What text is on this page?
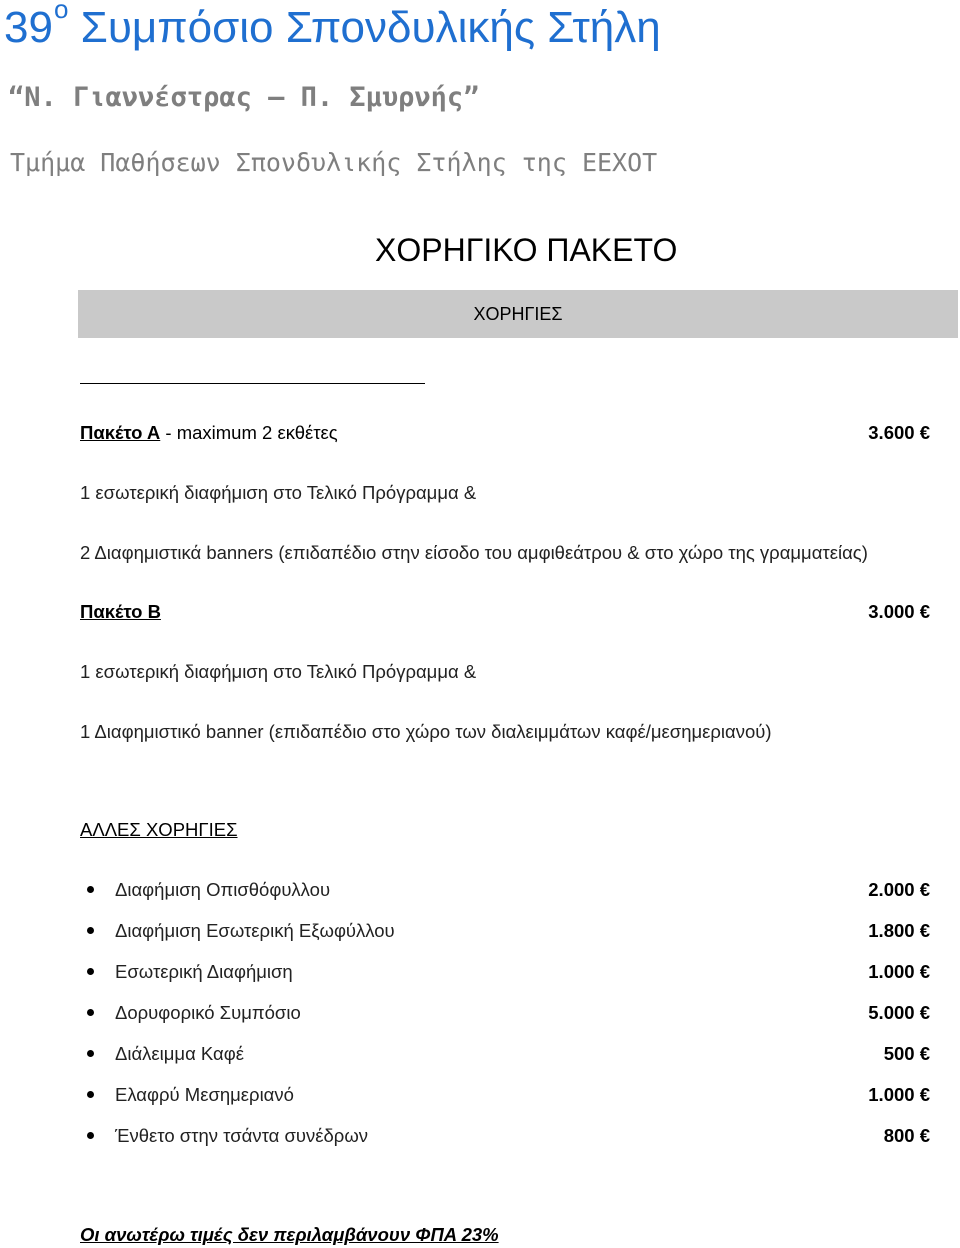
$39^o$ Συμπόσιο Σπονδυλικής Στήλη
“Ν. Γιαννέστρας – Π. Σμυρνής”
Τμήμα Παθήσεων Σπονδυλικής Στήλης της ΕΕΧΟΤ
ΧΟΡΗΓΙΚΟ ΠΑΚΕΤΟ
ΧΟΡΗΓΙΕΣ
Πακέτο Α - maximum 2 εκθέτες	3.600 €
1 εσωτερική διαφήμιση στο Τελικό Πρόγραμμα &
2 Διαφημιστικά banners (επιδαπέδιο στην είσοδο του αμφιθεάτρου & στο χώρο της γραμματείας)
Πακέτο Β	3.000 €
1 εσωτερική διαφήμιση στο Τελικό Πρόγραμμα &
1 Διαφημιστικό banner (επιδαπέδιο στο χώρο των διαλειμμάτων καφέ/μεσημεριανού)
ΑΛΛΕΣ ΧΟΡΗΓΙΕΣ
Διαφήμιση Οπισθόφυλλου	2.000 €
Διαφήμιση Εσωτερική Εξωφύλλου	1.800 €
Εσωτερική Διαφήμιση	1.000 €
Δορυφορικό Συμπόσιο	5.000 €
Διάλειμμα Καφέ	500 €
Ελαφρύ Μεσημεριανό	1.000 €
Ένθετο στην τσάντα συνέδρων	800 €
Οι ανωτέρω τιμές δεν περιλαμβάνουν ΦΠΑ 23%
